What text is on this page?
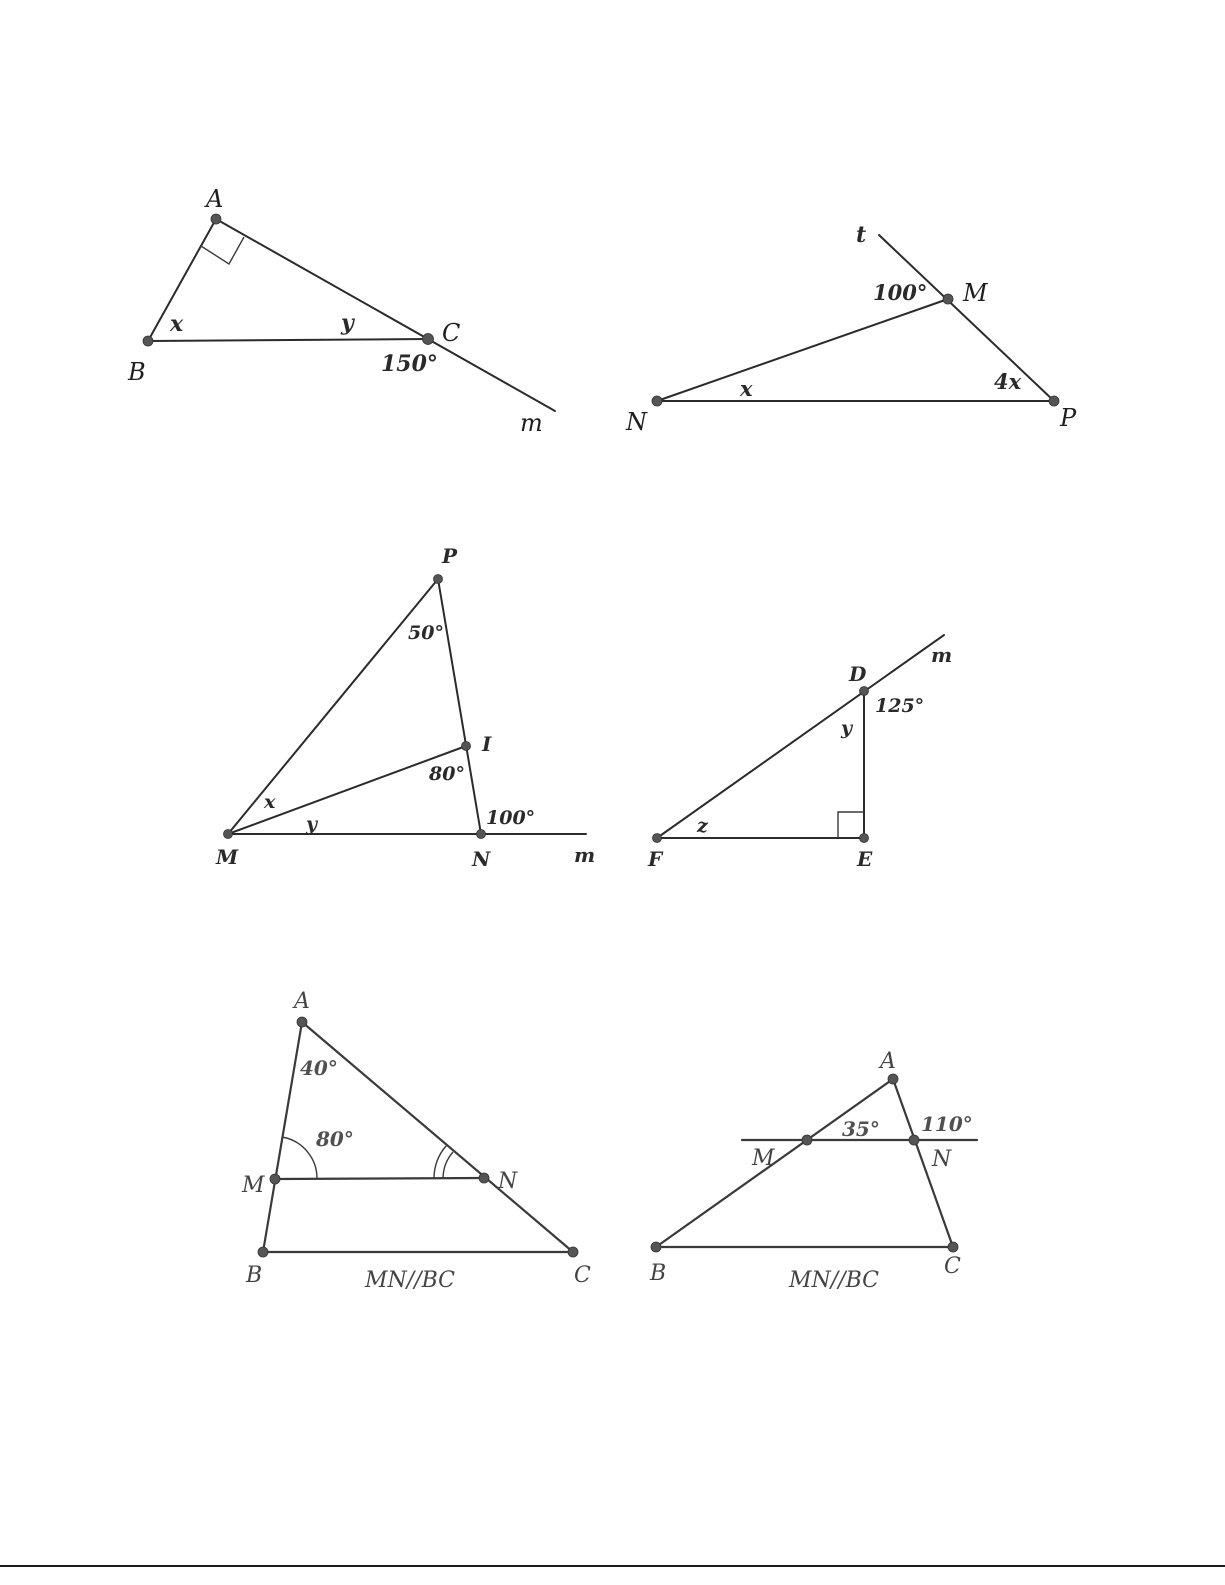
A
B
C
m
x	y
150°
M
N	P
t
100°
x	4x
P
I
M	N	m
50°
80°
x
y	100°
D
E
F
m
125°
y
z
A
M	N
B	C
40°
80°
MN//BC
A
M	N
B	C
35° 110°
MN//BC
